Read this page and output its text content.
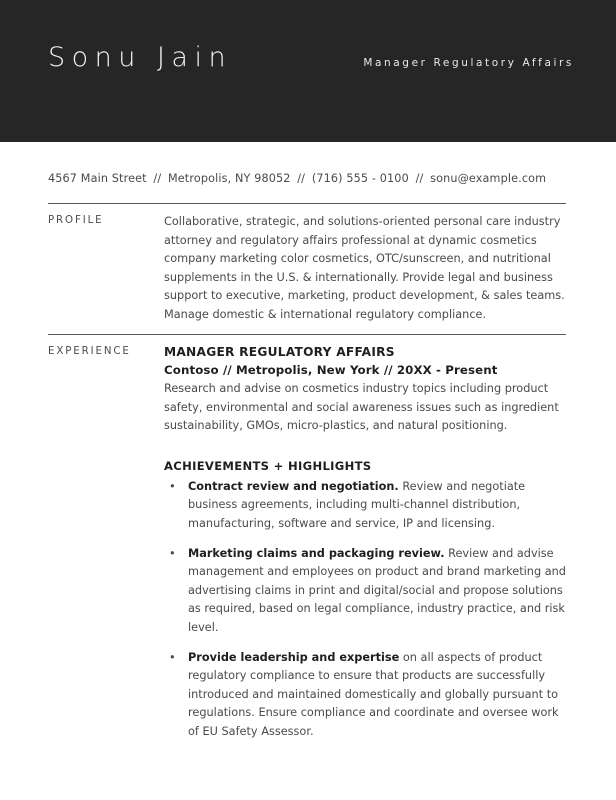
Sonu Jain	Manager Regulatory Affairs
4567 Main Street // Metropolis, NY 98052 // (716) 555 - 0100 // sonu@example.com
PROFILE	Collaborative, strategic, and solutions-oriented personal care industry attorney and regulatory affairs professional at dynamic cosmetics company marketing color cosmetics, OTC/sunscreen, and nutritional supplements in the U.S. & internationally. Provide legal and business support to executive, marketing, product development, & sales teams. Manage domestic & international regulatory compliance.

EXPERIENCE	MANAGER REGULATORY AFFAIRS
Contoso // Metropolis, New York // 20XX - Present

Research and advise on cosmetics industry topics including product safety, environmental and social awareness issues such as ingredient sustainability, GMOs, micro-plastics, and natural positioning.

ACHIEVEMENTS + HIGHLIGHTS
• Contract review and negotiation. Review and negotiate business agreements, including multi-channel distribution, manufacturing, software and service, IP and licensing.
• Marketing claims and packaging review. Review and advise management and employees on product and brand marketing and advertising claims in print and digital/social and propose solutions as required, based on legal compliance, industry practice, and risk level.
• Provide leadership and expertise on all aspects of product regulatory compliance to ensure that products are successfully introduced and maintained domestically and globally pursuant to regulations. Ensure compliance and coordinate and oversee work of EU Safety Assessor.
